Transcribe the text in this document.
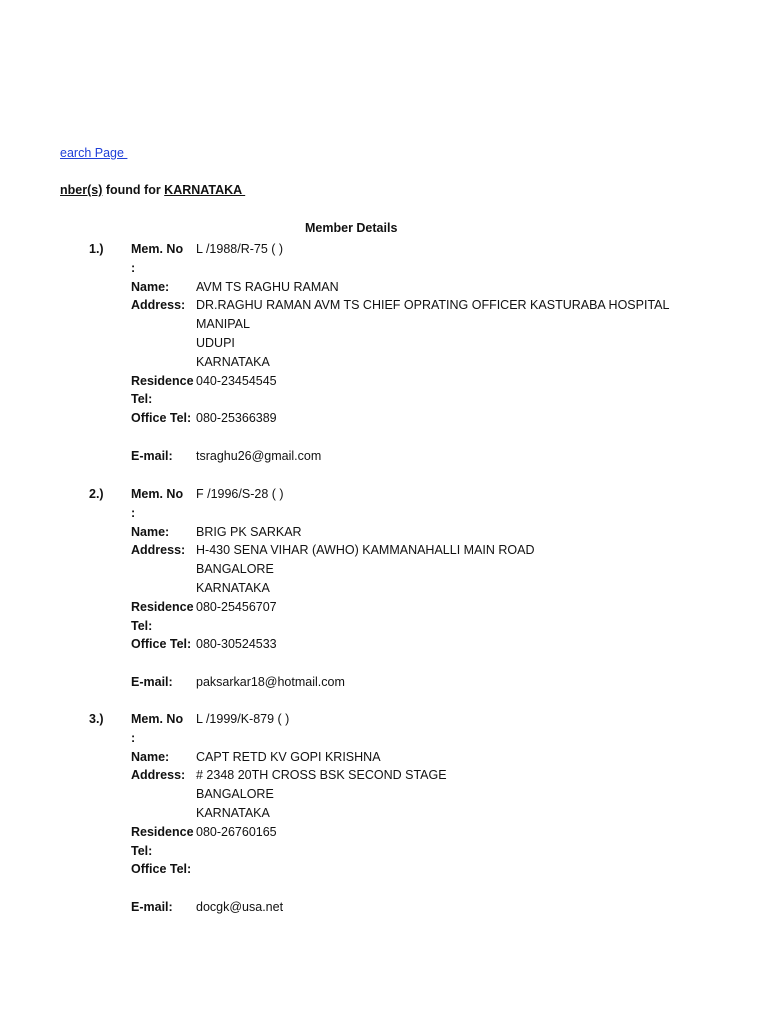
earch Page
nber(s) found for KARNATAKA
Member Details
1.) Mem. No L /1988/R-75 ( )
:
Name: AVM TS RAGHU RAMAN
Address: DR.RAGHU RAMAN AVM TS CHIEF OPRATING OFFICER KASTURABA HOSPITAL
MANIPAL
UDUPI
KARNATAKA
Residence 040-23454545
Tel:
Office Tel: 080-25366389
E-mail: tsraghu26@gmail.com
2.) Mem. No F /1996/S-28 ( )
:
Name: BRIG PK SARKAR
Address: H-430 SENA VIHAR (AWHO) KAMMANAHALLI MAIN ROAD
BANGALORE
KARNATAKA
Residence 080-25456707
Tel:
Office Tel: 080-30524533
E-mail: paksarkar18@hotmail.com
3.) Mem. No L /1999/K-879 ( )
:
Name: CAPT RETD KV GOPI KRISHNA
Address: # 2348 20TH CROSS BSK SECOND STAGE
BANGALORE
KARNATAKA
Residence 080-26760165
Tel:
Office Tel:
E-mail: docgk@usa.net
